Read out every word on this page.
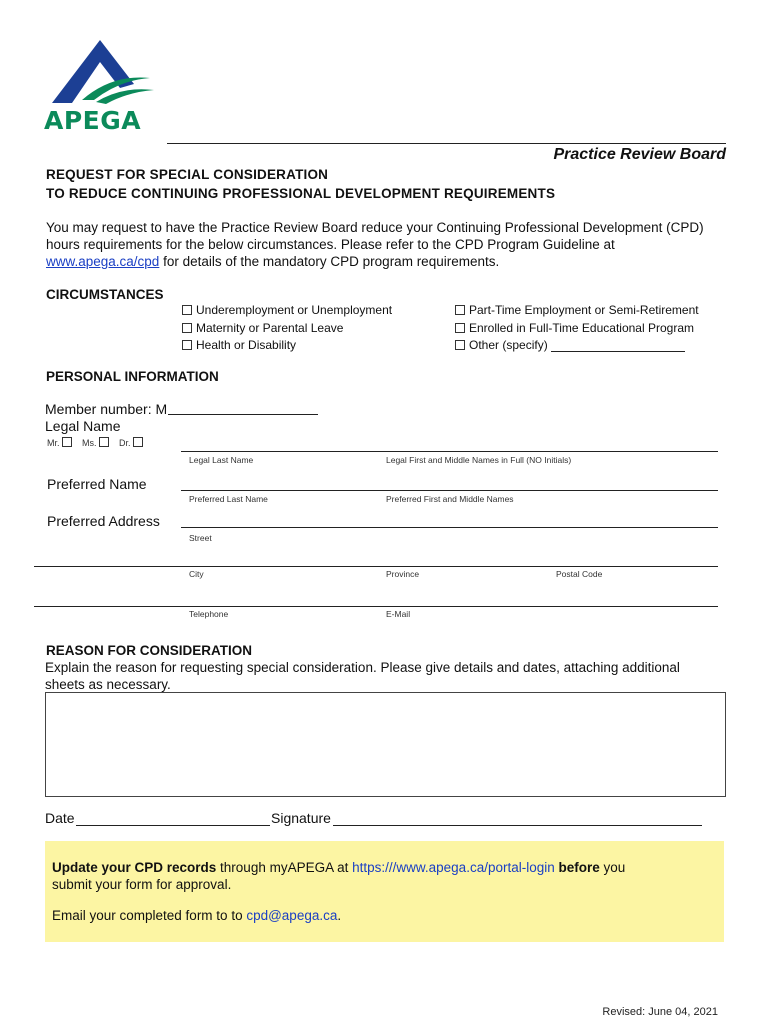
APEGA
Practice Review Board
REQUEST FOR SPECIAL CONSIDERATION
TO REDUCE CONTINUING PROFESSIONAL DEVELOPMENT REQUIREMENTS
You may request to have the Practice Review Board reduce your Continuing Professional Development (CPD)
hours requirements for the below circumstances. Please refer to the CPD Program Guideline at
www.apega.ca/cpd for details of the mandatory CPD program requirements.
CIRCUMSTANCES
Underemployment or Unemployment
Maternity or Parental Leave
Health or Disability
Part-Time Employment or Semi-Retirement
Enrolled in Full-Time Educational Program
Other (specify)
PERSONAL INFORMATION
Member number: M
Legal Name
Mr.	Ms.	Dr.
Legal Last Name	Legal First and Middle Names in Full (NO Initials)
Preferred Name
Preferred Last Name	Preferred First and Middle Names
Preferred Address
Street
City	Province	Postal Code
Telephone	E-Mail
REASON FOR CONSIDERATION
Explain the reason for requesting special consideration. Please give details and dates, attaching additional
sheets as necessary.
Date	Signature
Update your CPD records through myAPEGA at https:///www.apega.ca/portal-login before you
submit your form for approval.
Email your completed form to to cpd@apega.ca.
Revised: June 04, 2021
